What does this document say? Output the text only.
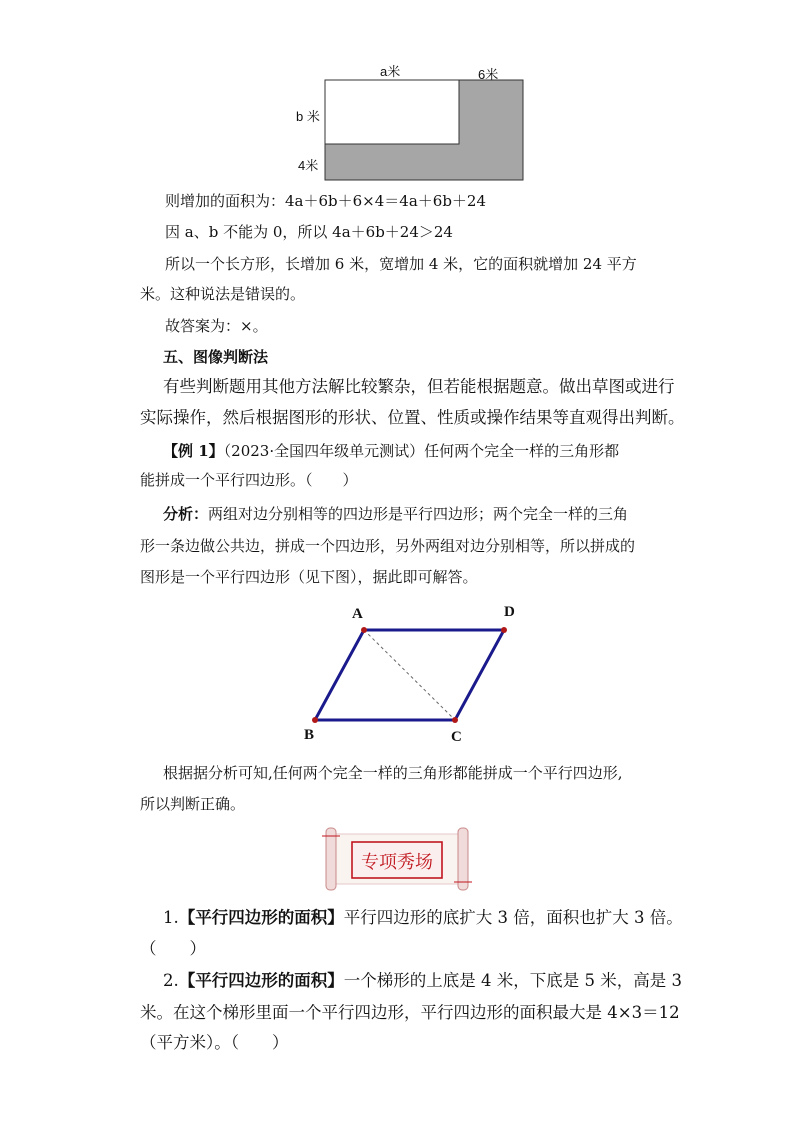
a米	6米
b 米
4米
则增加的面积为：4a＋6b＋6×4＝4a＋6b＋24
因 a、b 不能为 0，所以 4a＋6b＋24＞24
所以一个长方形，长增加 6 米，宽增加 4 米，它的面积就增加 24 平方
米。这种说法是错误的。
故答案为：×。
五、图像判断法
有些判断题用其他方法解比较繁杂，但若能根据题意。做出草图或进行
实际操作，然后根据图形的形状、位置、性质或操作结果等直观得出判断。
【例 1】（2023·全国四年级单元测试）任何两个完全一样的三角形都
能拼成一个平行四边形。（　　）
分析：两组对边分别相等的四边形是平行四边形；两个完全一样的三角
形一条边做公共边，拼成一个四边形，另外两组对边分别相等，所以拼成的
图形是一个平行四边形（见下图），据此即可解答。
A	D
B	C
根据据分析可知,任何两个完全一样的三角形都能拼成一个平行四边形,
所以判断正确。
专项秀场
1.【平行四边形的面积】平行四边形的底扩大 3 倍，面积也扩大 3 倍。
（　　）
2.【平行四边形的面积】一个梯形的上底是 4 米，下底是 5 米，高是 3
米。在这个梯形里面一个平行四边形，平行四边形的面积最大是 4×3＝12
（平方米）。（　　）
